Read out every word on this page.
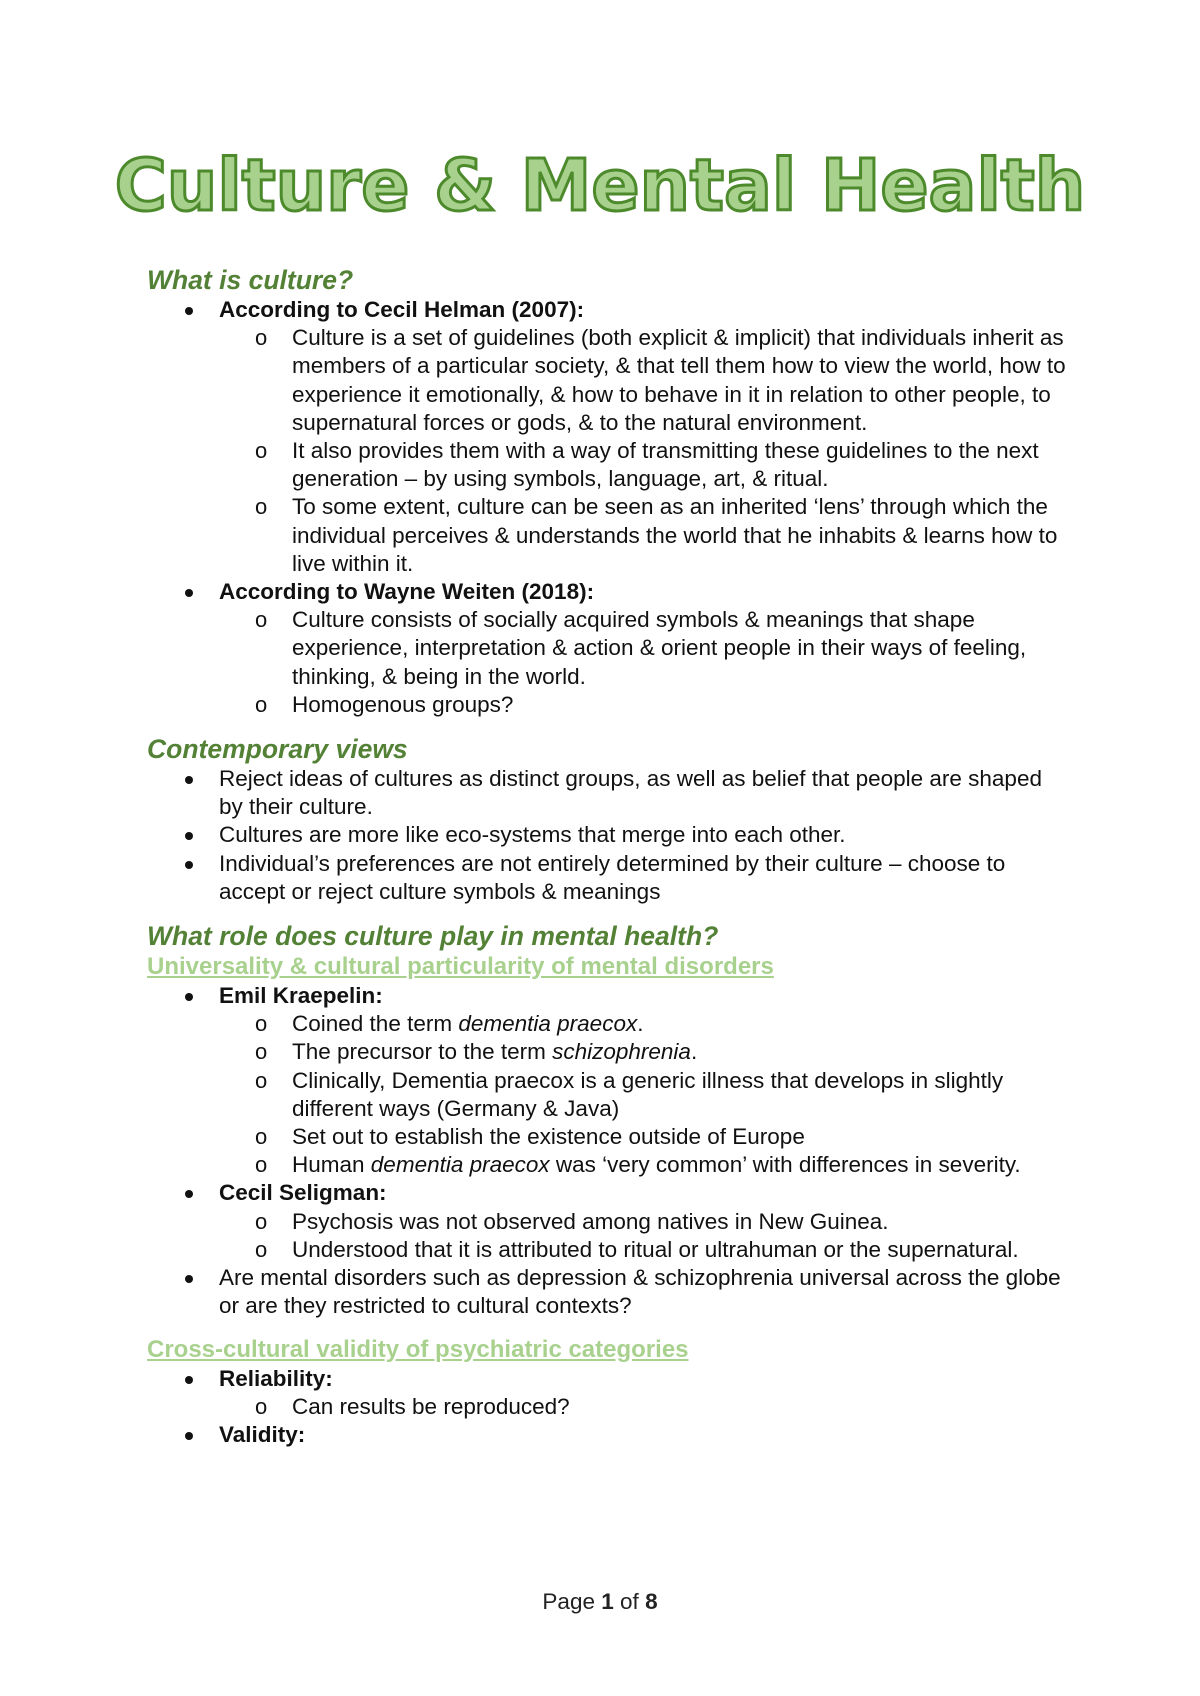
Culture & Mental Health
What is culture?
According to Cecil Helman (2007):
o Culture is a set of guidelines (both explicit & implicit) that individuals inherit as members of a particular society, & that tell them how to view the world, how to experience it emotionally, & how to behave in it in relation to other people, to supernatural forces or gods, & to the natural environment.
o It also provides them with a way of transmitting these guidelines to the next generation – by using symbols, language, art, & ritual.
o To some extent, culture can be seen as an inherited ‘lens’ through which the individual perceives & understands the world that he inhabits & learns how to live within it.
According to Wayne Weiten (2018):
o Culture consists of socially acquired symbols & meanings that shape experience, interpretation & action & orient people in their ways of feeling, thinking, & being in the world.
o Homogenous groups?
Contemporary views
Reject ideas of cultures as distinct groups, as well as belief that people are shaped by their culture.
Cultures are more like eco-systems that merge into each other.
Individual’s preferences are not entirely determined by their culture – choose to accept or reject culture symbols & meanings
What role does culture play in mental health?
Universality & cultural particularity of mental disorders
Emil Kraepelin:
o Coined the term dementia praecox.
o The precursor to the term schizophrenia.
o Clinically, Dementia praecox is a generic illness that develops in slightly different ways (Germany & Java)
o Set out to establish the existence outside of Europe
o Human dementia praecox was ‘very common’ with differences in severity.
Cecil Seligman:
o Psychosis was not observed among natives in New Guinea.
o Understood that it is attributed to ritual or ultrahuman or the supernatural.
Are mental disorders such as depression & schizophrenia universal across the globe or are they restricted to cultural contexts?
Cross-cultural validity of psychiatric categories
Reliability:
o Can results be reproduced?
Validity:
Page 1 of 8
